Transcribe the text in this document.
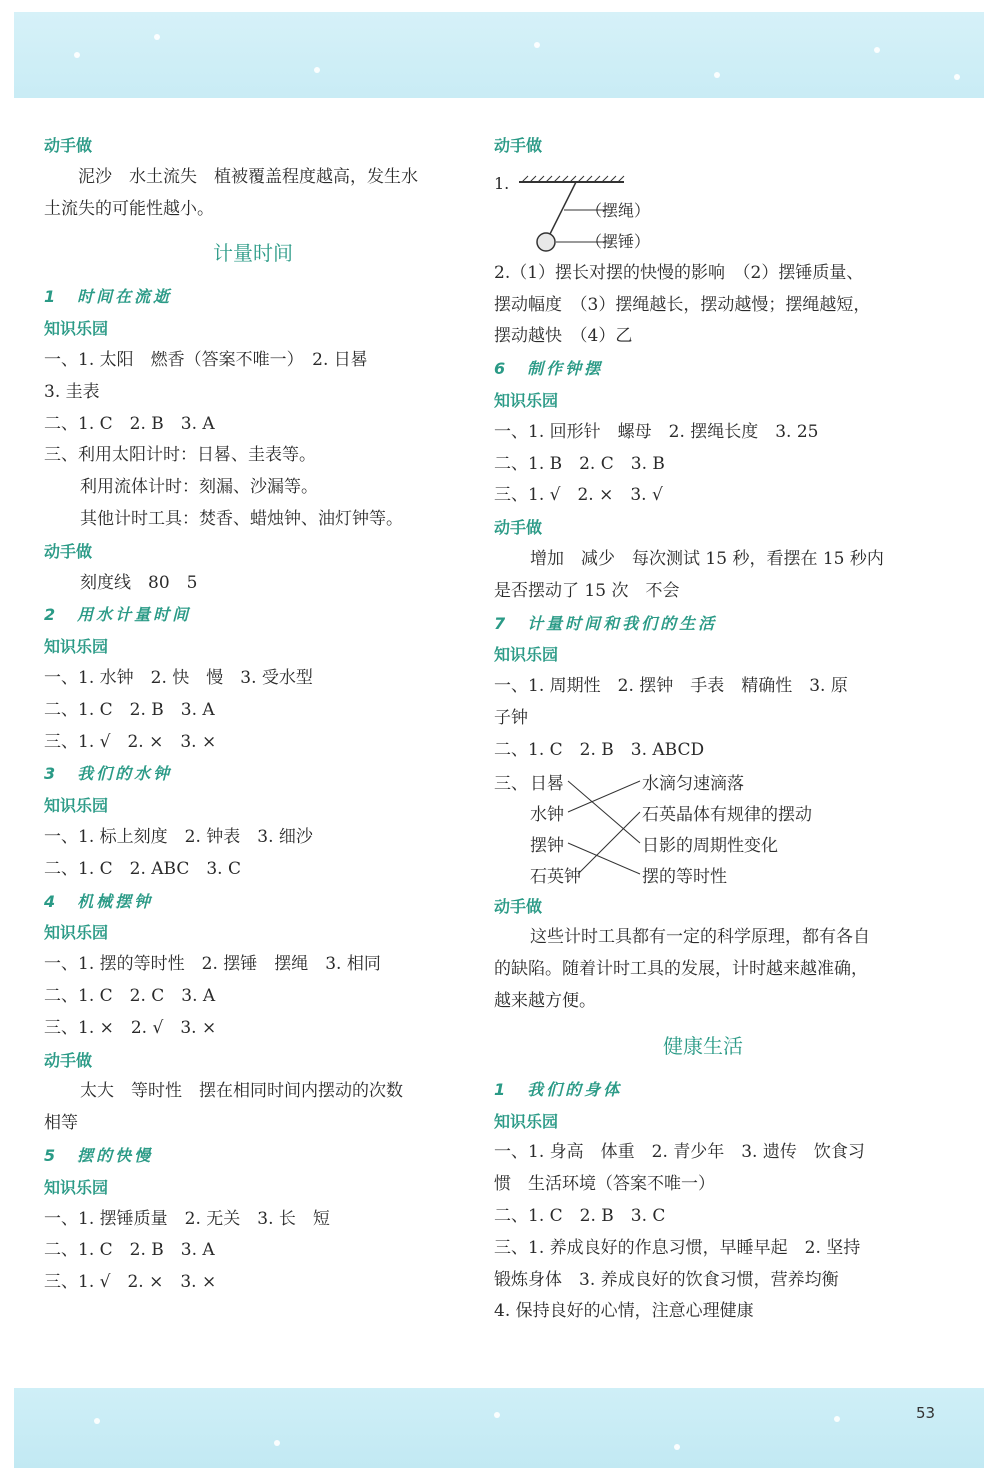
动手做
泥沙　水土流失　植被覆盖程度越高，发生水
土流失的可能性越小。
计量时间
1　时间在流逝
知识乐园
一、1. 太阳　燃香（答案不唯一）　2. 日晷
3. 圭表
二、1. C　2. B　3. A
三、利用太阳计时：日晷、圭表等。
利用流体计时：刻漏、沙漏等。
其他计时工具：焚香、蜡烛钟、油灯钟等。
动手做
刻度线　80　5
2　用水计量时间
知识乐园
一、1. 水钟　2. 快　慢　3. 受水型
二、1. C　2. B　3. A
三、1. √　2. ×　3. ×
3　我们的水钟
知识乐园
一、1. 标上刻度　2. 钟表　3. 细沙
二、1. C　2. ABC　3. C
4　机械摆钟
知识乐园
一、1. 摆的等时性　2. 摆锤　摆绳　3. 相同
二、1. C　2. C　3. A
三、1. ×　2. √　3. ×
动手做
太大　等时性　摆在相同时间内摆动的次数
相等
5　摆的快慢
知识乐园
一、1. 摆锤质量　2. 无关　3. 长　短
二、1. C　2. B　3. A
三、1. √　2. ×　3. ×
动手做
1.
（摆绳）
（摆锤）
2.（1）摆长对摆的快慢的影响　（2）摆锤质量、
摆动幅度　（3）摆绳越长，摆动越慢；摆绳越短，
摆动越快　（4）乙
6　制作钟摆
知识乐园
一、1. 回形针　螺母　2. 摆绳长度　3. 25
二、1. B　2. C　3. B
三、1. √　2. ×　3. √
动手做
增加　减少　每次测试 15 秒，看摆在 15 秒内
是否摆动了 15 次　不会
7　计量时间和我们的生活
知识乐园
一、1. 周期性　2. 摆钟　手表　精确性　3. 原
子钟
二、1. C　2. B　3. ABCD
三、 日晷
水钟
摆钟
石英钟
水滴匀速滴落
石英晶体有规律的摆动
日影的周期性变化
摆的等时性
动手做
这些计时工具都有一定的科学原理，都有各自
的缺陷。随着计时工具的发展，计时越来越准确，
越来越方便。
健康生活
1　我们的身体
知识乐园
一、1. 身高　体重　2. 青少年　3. 遗传　饮食习
惯　生活环境（答案不唯一）
二、1. C　2. B　3. C
三、1. 养成良好的作息习惯，早睡早起　2. 坚持
锻炼身体　3. 养成良好的饮食习惯，营养均衡
4. 保持良好的心情，注意心理健康
53
